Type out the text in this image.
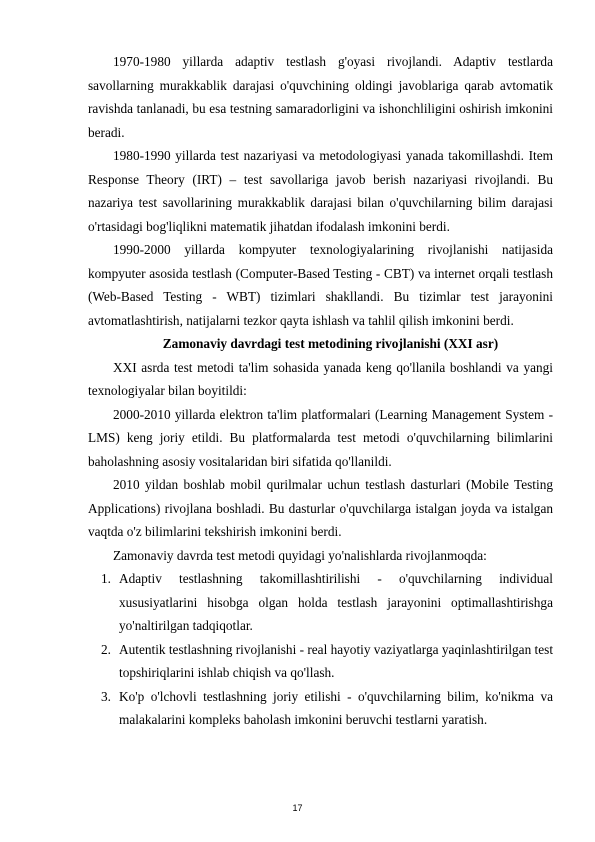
1970-1980 yillarda adaptiv testlash g'oyasi rivojlandi. Adaptiv testlarda savollarning murakkablik darajasi o'quvchining oldingi javoblariga qarab avtomatik ravishda tanlanadi, bu esa testning samaradorligini va ishonchliligini oshirish imkonini beradi.

1980-1990 yillarda test nazariyasi va metodologiyasi yanada takomillashdi. Item Response Theory (IRT) – test savollariga javob berish nazariyasi rivojlandi. Bu nazariya test savollarining murakkablik darajasi bilan o'quvchilarning bilim darajasi o'rtasidagi bog'liqlikni matematik jihatdan ifodalash imkonini berdi.

1990-2000 yillarda kompyuter texnologiyalarining rivojlanishi natijasida kompyuter asosida testlash (Computer-Based Testing - CBT) va internet orqali testlash (Web-Based Testing - WBT) tizimlari shakllandi. Bu tizimlar test jarayonini avtomatlashtirish, natijalarni tezkor qayta ishlash va tahlil qilish imkonini berdi.

Zamonaviy davrdagi test metodining rivojlanishi (XXI asr)

XXI asrda test metodi ta'lim sohasida yanada keng qo'llanila boshlandi va yangi texnologiyalar bilan boyitildi:

2000-2010 yillarda elektron ta'lim platformalari (Learning Management System - LMS) keng joriy etildi. Bu platformalarda test metodi o'quvchilarning bilimlarini baholashning asosiy vositalaridan biri sifatida qo'llanildi.

2010 yildan boshlab mobil qurilmalar uchun testlash dasturlari (Mobile Testing Applications) rivojlana boshladi. Bu dasturlar o'quvchilarga istalgan joyda va istalgan vaqtda o'z bilimlarini tekshirish imkonini berdi.

Zamonaviy davrda test metodi quyidagi yo'nalishlarda rivojlanmoqda:

1. Adaptiv testlashning takomillashtirilishi - o'quvchilarning individual xususiyatlarini hisobga olgan holda testlash jarayonini optimallashtirishga yo'naltirilgan tadqiqotlar.
2. Autentik testlashning rivojlanishi - real hayotiy vaziyatlarga yaqinlashtirilgan test topshiriqlarini ishlab chiqish va qo'llash.
3. Ko'p o'lchovli testlashning joriy etilishi - o'quvchilarning bilim, ko'nikma va malakalarini kompleks baholash imkonini beruvchi testlarni yaratish.
17
